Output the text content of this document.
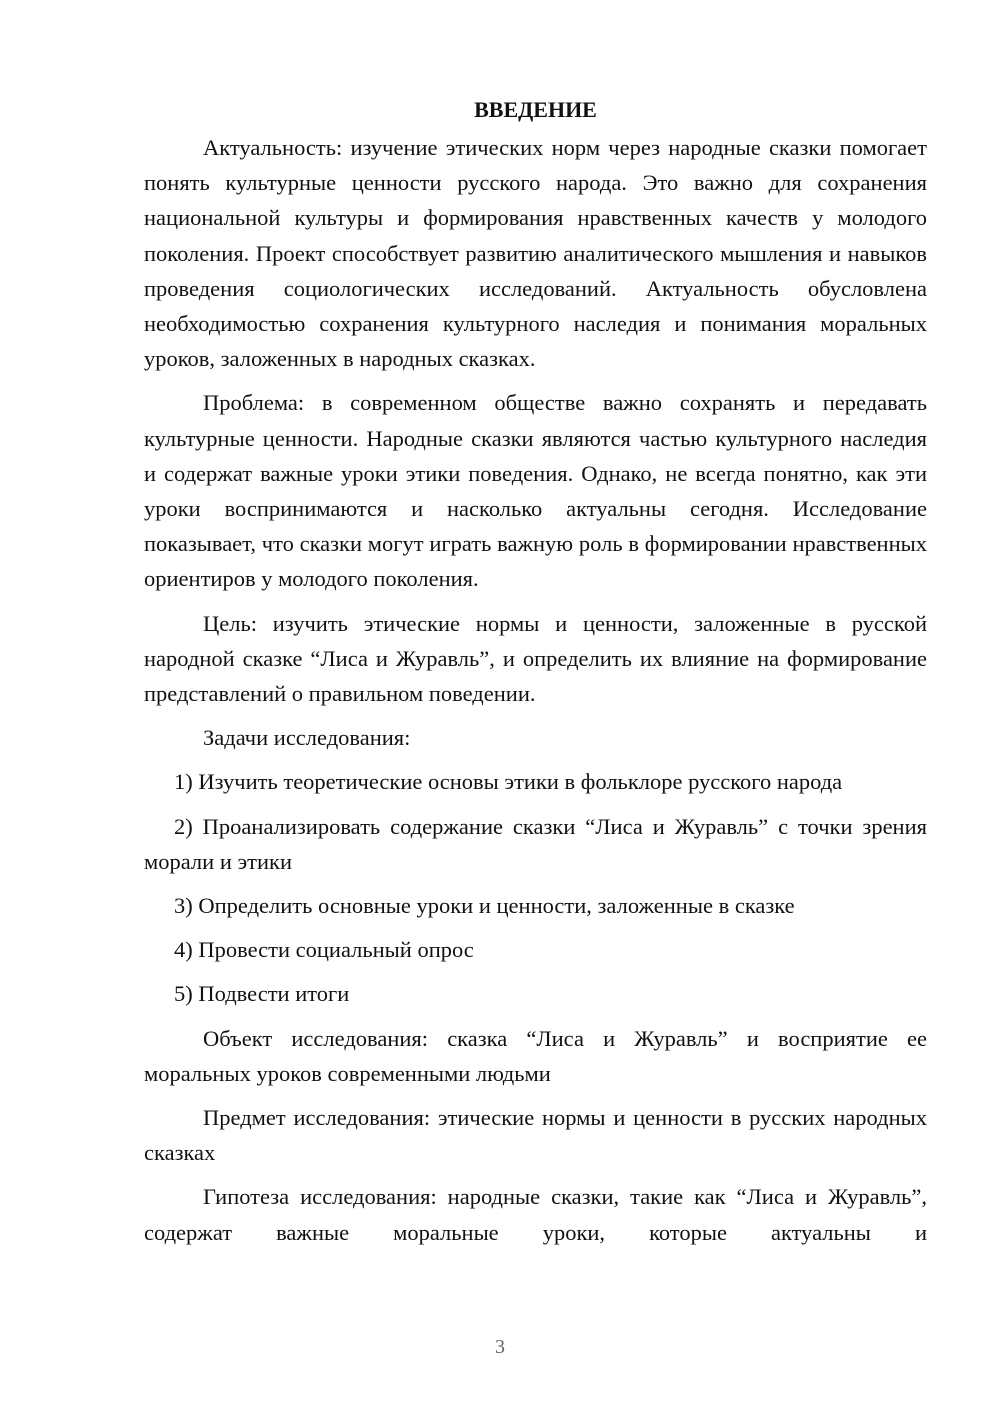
ВВЕДЕНИЕ

Актуальность: изучение этических норм через народные сказки помогает понять культурные ценности русского народа. Это важно для сохранения национальной культуры и формирования нравственных качеств у молодого поколения. Проект способствует развитию аналитического мышления и навыков проведения социологических исследований. Актуальность обусловлена необходимостью сохранения культурного наследия и понимания моральных уроков, заложенных в народных сказках.

Проблема: в современном обществе важно сохранять и передавать культурные ценности. Народные сказки являются частью культурного наследия и содержат важные уроки этики поведения. Однако, не всегда понятно, как эти уроки воспринимаются и насколько актуальны сегодня. Исследование показывает, что сказки могут играть важную роль в формировании нравственных ориентиров у молодого поколения.

Цель: изучить этические нормы и ценности, заложенные в русской народной сказке “Лиса и Журавль”, и определить их влияние на формирование представлений о правильном поведении.

Задачи исследования:

1) Изучить теоретические основы этики в фольклоре русского народа

2) Проанализировать содержание сказки “Лиса и Журавль” с точки зрения морали и этики

3) Определить основные уроки и ценности, заложенные в сказке

4) Провести социальный опрос

5) Подвести итоги

Объект исследования: сказка “Лиса и Журавль” и восприятие ее моральных уроков современными людьми

Предмет исследования: этические нормы и ценности в русских народных сказках

Гипотеза исследования: народные сказки, такие как “Лиса и Журавль”, содержат важные моральные уроки, которые актуальны и

3
